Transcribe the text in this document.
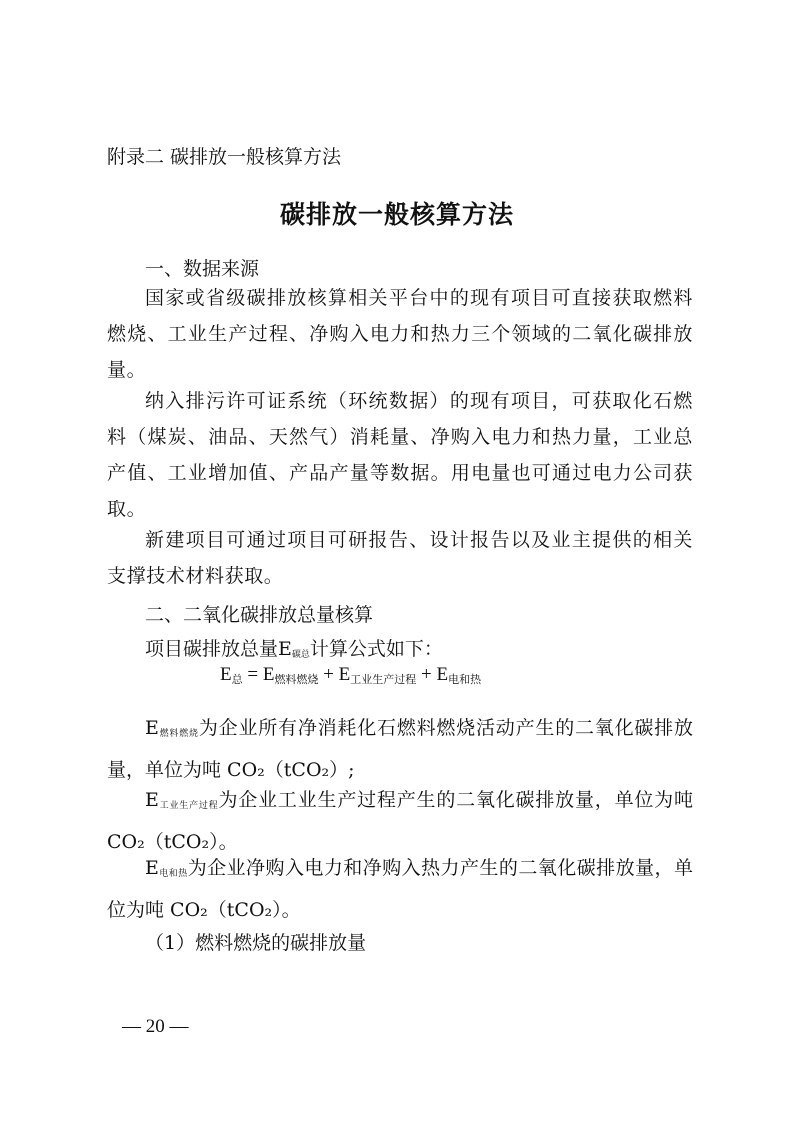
附录二 碳排放一般核算方法
碳排放一般核算方法
一、数据来源
国家或省级碳排放核算相关平台中的现有项目可直接获取燃料燃烧、工业生产过程、净购入电力和热力三个领域的二氧化碳排放量。
纳入排污许可证系统（环统数据）的现有项目，可获取化石燃料（煤炭、油品、天然气）消耗量、净购入电力和热力量，工业总产值、工业增加值、产品产量等数据。用电量也可通过电力公司获取。
新建项目可通过项目可研报告、设计报告以及业主提供的相关支撑技术材料获取。
二、二氧化碳排放总量核算
项目碳排放总量E碳总计算公式如下：
$E_总 = E_{燃料燃烧} + E_{工业生产过程} + E_{电和热}$
E燃料燃烧为企业所有净消耗化石燃料燃烧活动产生的二氧化碳排放量，单位为吨 CO₂（tCO₂）;
E工业生产过程为企业工业生产过程产生的二氧化碳排放量，单位为吨 CO₂（tCO₂）。
E电和热为企业净购入电力和净购入热力产生的二氧化碳排放量，单位为吨 CO₂（tCO₂）。
（1）燃料燃烧的碳排放量
— 20 —
